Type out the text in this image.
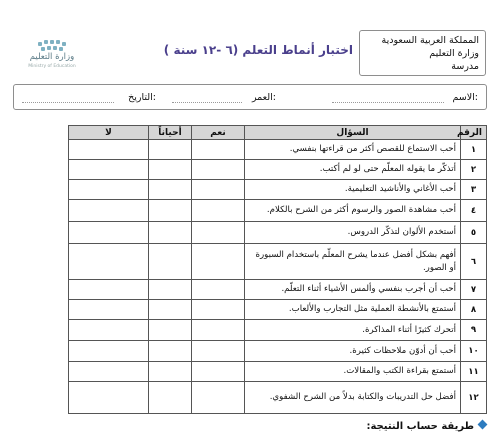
المملكة العربية السعودية
وزارة التعليم
مدرسة
اختبار أنماط التعلم (٦ -١٢ سنة )
وزارة التعليم
Ministry of Education
الاسم:
العمر:
التاريخ:
الرقم	السؤال	نعم	أحياناً	لا
١	أحب الاستماع للقصص أكثر من قراءتها بنفسي.			
٢	أتذكّر ما يقوله المعلّم حتى لو لم أكتب.			
٣	أحب الأغاني والأناشيد التعليمية.			
٤	أحب مشاهدة الصور والرسوم أكثر من الشرح بالكلام.			
٥	أستخدم الألوان لتذكّر الدروس.			
٦	أفهم بشكل أفضل عندما يشرح المعلّم باستخدام السبورة أو الصور.			
٧	أحب أن أجرب بنفسي وألمس الأشياء أثناء التعلّم.			
٨	أستمتع بالأنشطة العملية مثل التجارب والألعاب.			
٩	أتحرك كثيرًا أثناء المذاكرة.			
١٠	أحب أن أدوّن ملاحظات كثيرة.			
١١	أستمتع بقراءة الكتب والمقالات.			
١٢	أفضل حل التدريبات والكتابة بدلاً من الشرح الشفوي.			
طريقة حساب النتيجة:
